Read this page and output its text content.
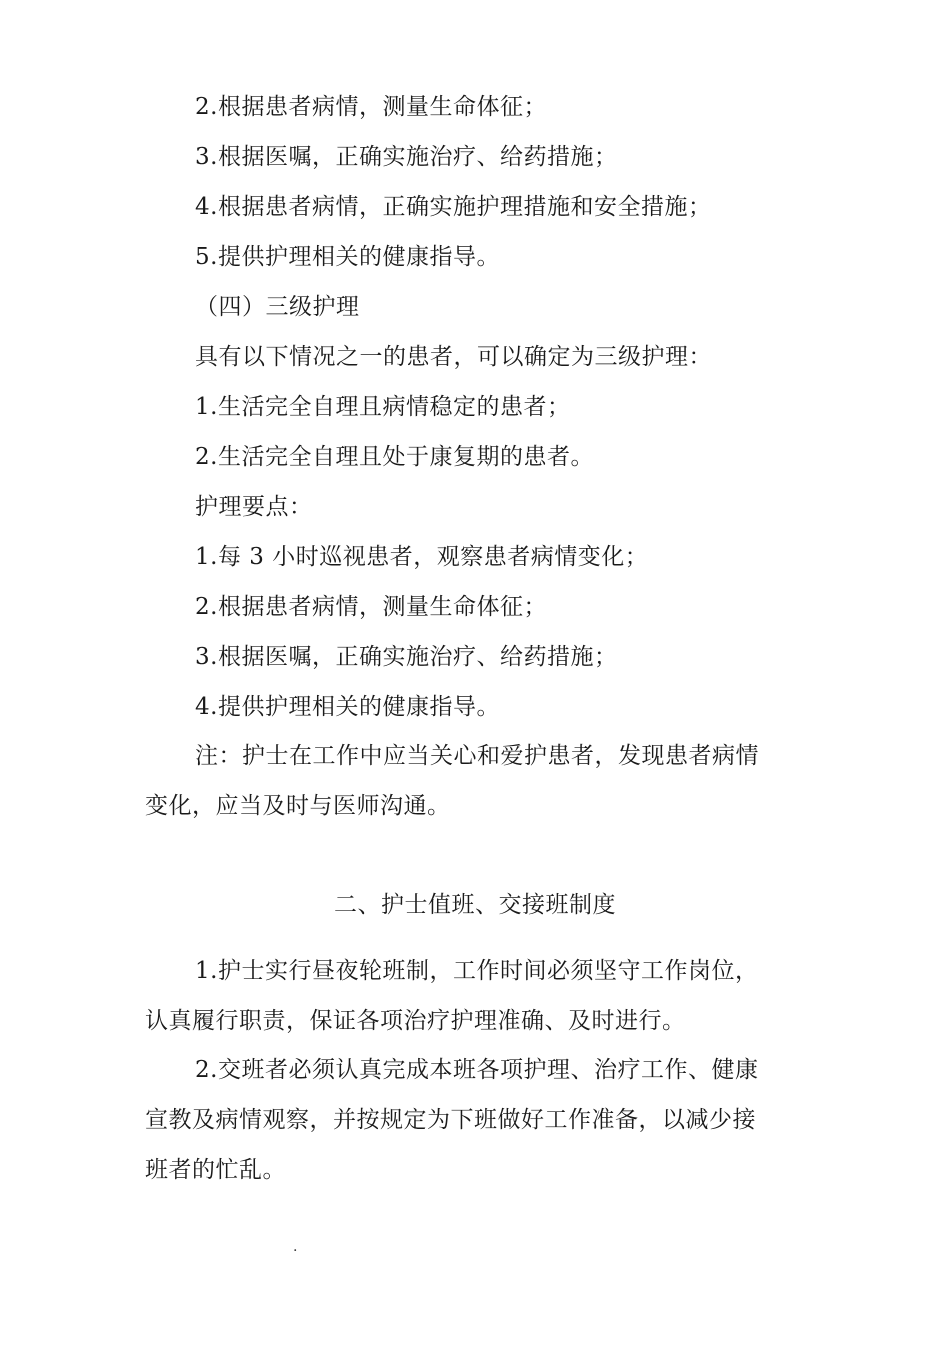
2.根据患者病情，测量生命体征；
3.根据医嘱，正确实施治疗、给药措施；
4.根据患者病情，正确实施护理措施和安全措施；
5.提供护理相关的健康指导。
（四）三级护理
具有以下情况之一的患者，可以确定为三级护理：
1.生活完全自理且病情稳定的患者；
2.生活完全自理且处于康复期的患者。
护理要点：
1.每 3 小时巡视患者，观察患者病情变化；
2.根据患者病情，测量生命体征；
3.根据医嘱，正确实施治疗、给药措施；
4.提供护理相关的健康指导。
注：护士在工作中应当关心和爱护患者，发现患者病情
变化，应当及时与医师沟通。
二、护士值班、交接班制度
1.护士实行昼夜轮班制，工作时间必须坚守工作岗位，
认真履行职责，保证各项治疗护理准确、及时进行。
2.交班者必须认真完成本班各项护理、治疗工作、健康
宣教及病情观察，并按规定为下班做好工作准备，以减少接
班者的忙乱。
.
